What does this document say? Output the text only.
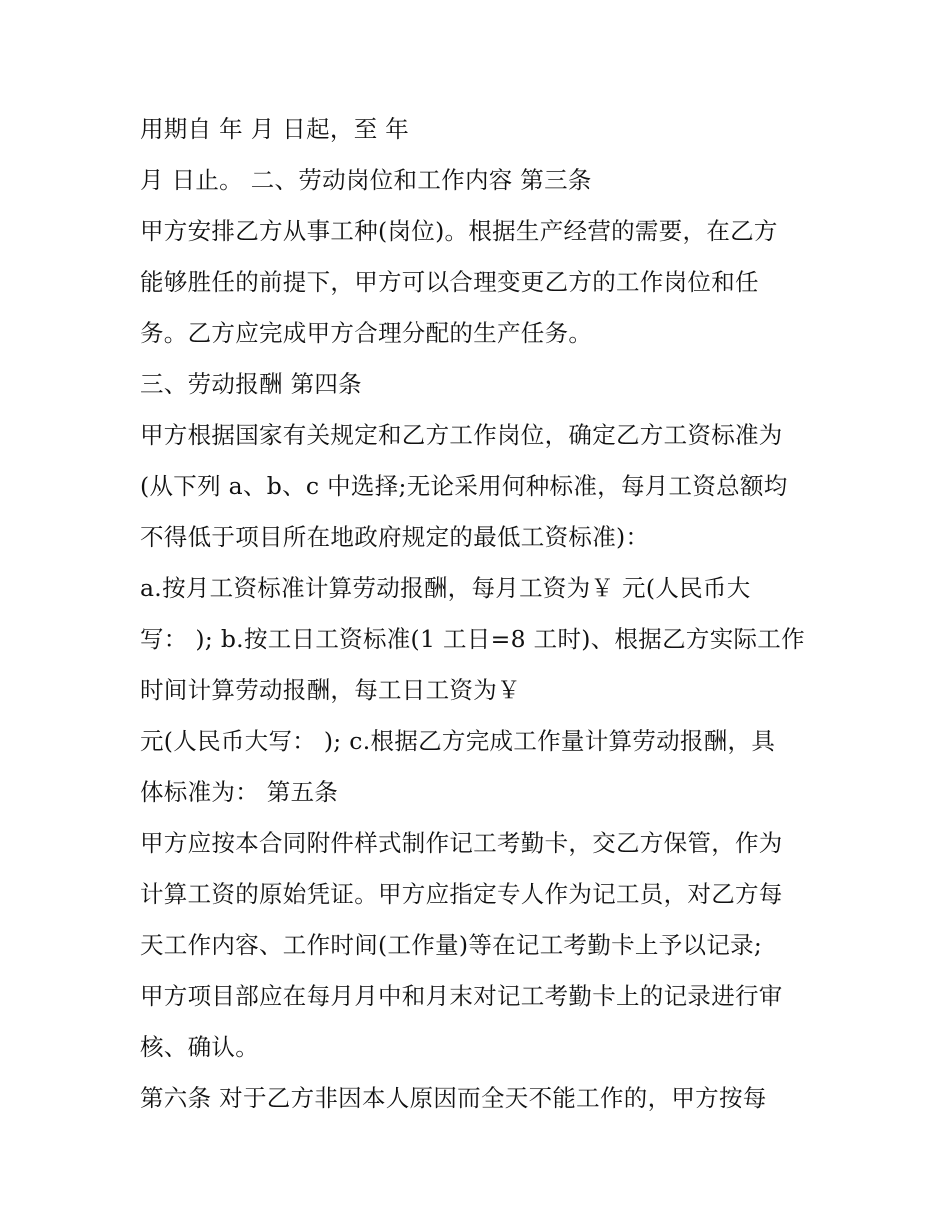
用期自 年 月 日起，至 年
月 日止。 二、劳动岗位和工作内容 第三条
甲方安排乙方从事工种(岗位)。根据生产经营的需要，在乙方
能够胜任的前提下，甲方可以合理变更乙方的工作岗位和任
务。乙方应完成甲方合理分配的生产任务。
三、劳动报酬 第四条
甲方根据国家有关规定和乙方工作岗位，确定乙方工资标准为
(从下列 a、b、c 中选择;无论采用何种标准，每月工资总额均
不得低于项目所在地政府规定的最低工资标准)：
a.按月工资标准计算劳动报酬，每月工资为￥ 元(人民币大
写： ); b.按工日工资标准(1 工日=8 工时)、根据乙方实际工作
时间计算劳动报酬，每工日工资为￥
元(人民币大写： ); c.根据乙方完成工作量计算劳动报酬，具
体标准为： 第五条
甲方应按本合同附件样式制作记工考勤卡，交乙方保管，作为
计算工资的原始凭证。甲方应指定专人作为记工员，对乙方每
天工作内容、工作时间(工作量)等在记工考勤卡上予以记录;
甲方项目部应在每月月中和月末对记工考勤卡上的记录进行审
核、确认。
第六条 对于乙方非因本人原因而全天不能工作的，甲方按每
